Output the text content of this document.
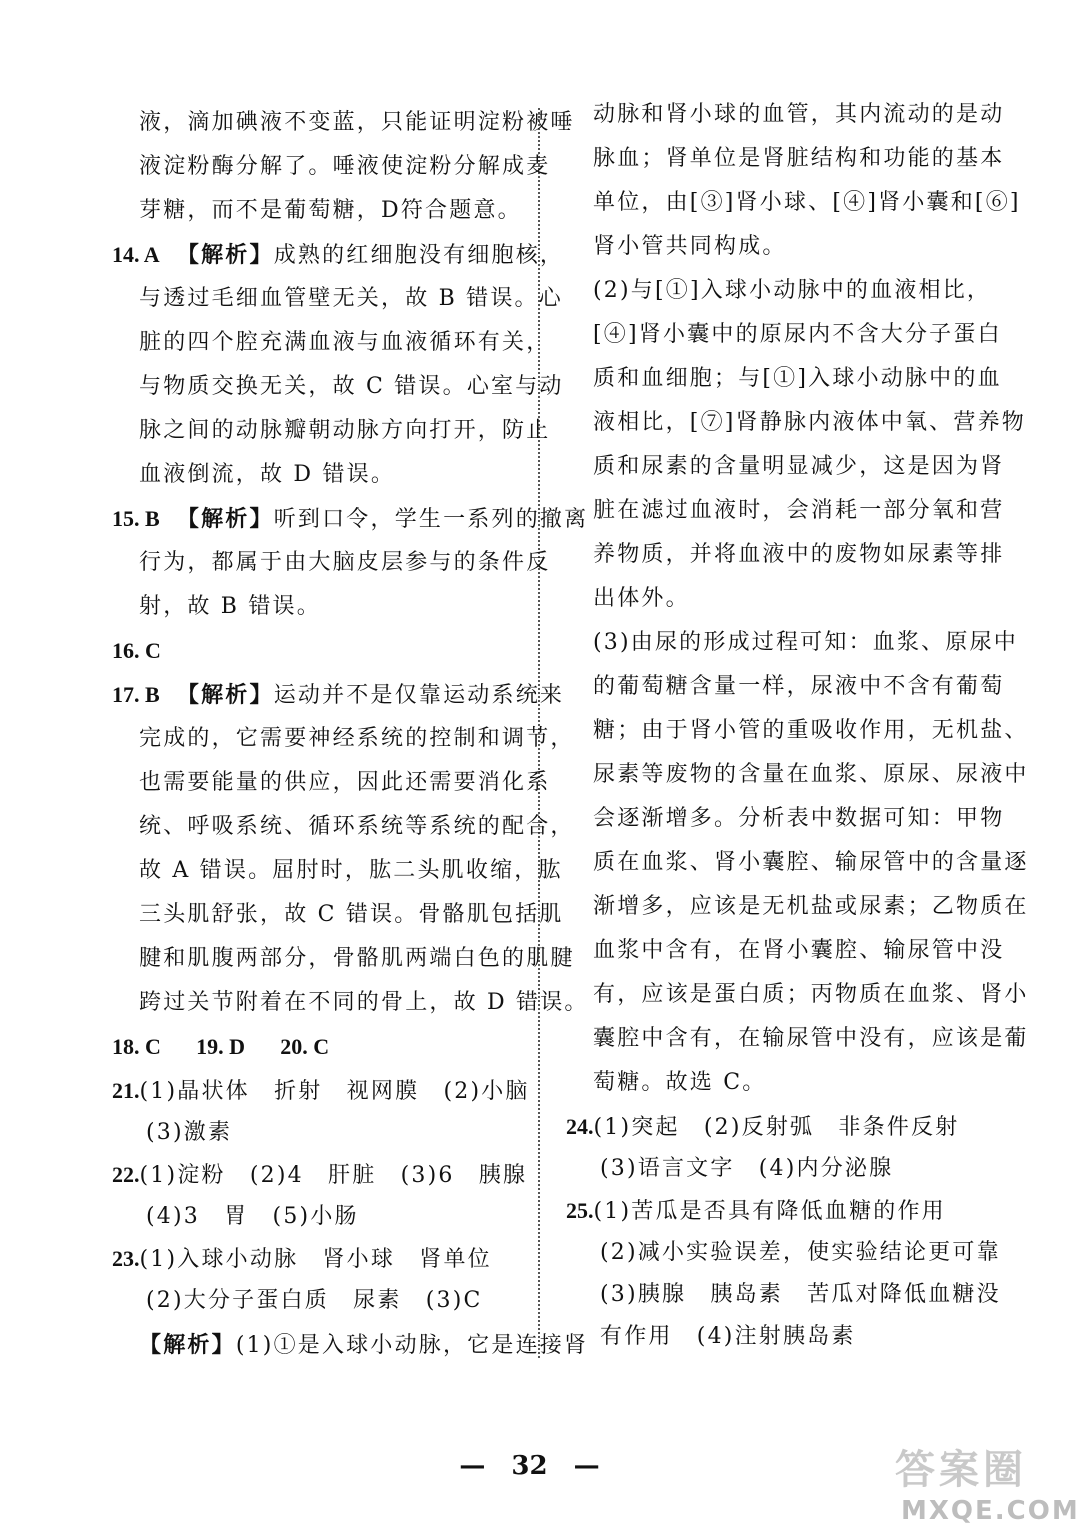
液，滴加碘液不变蓝，只能证明淀粉被唾
液淀粉酶分解了。唾液使淀粉分解成麦
芽糖，而不是葡萄糖，D符合题意。
14. A 【解析】成熟的红细胞没有细胞核，
与透过毛细血管壁无关，故 B 错误。心
脏的四个腔充满血液与血液循环有关，
与物质交换无关，故 C 错误。心室与动
脉之间的动脉瓣朝动脉方向打开，防止
血液倒流，故 D 错误。
15. B 【解析】听到口令，学生一系列的撤离
行为，都属于由大脑皮层参与的条件反
射，故 B 错误。
16. C
17. B 【解析】运动并不是仅靠运动系统来
完成的，它需要神经系统的控制和调节，
也需要能量的供应，因此还需要消化系
统、呼吸系统、循环系统等系统的配合，
故 A 错误。屈肘时，肱二头肌收缩，肱
三头肌舒张，故 C 错误。骨骼肌包括肌
腱和肌腹两部分，骨骼肌两端白色的肌腱
跨过关节附着在不同的骨上，故 D 错误。
18. C 19. D 20. C
21.(1)晶状体　折射　视网膜　(2)小脑
(3)激素
22.(1)淀粉　(2)4　肝脏　(3)6　胰腺
(4)3　胃　(5)小肠
23.(1)入球小动脉　肾小球　肾单位
(2)大分子蛋白质　尿素　(3)C
【解析】(1)①是入球小动脉，它是连接肾
动脉和肾小球的血管，其内流动的是动
脉血；肾单位是肾脏结构和功能的基本
单位，由[③]肾小球、[④]肾小囊和[⑥]
肾小管共同构成。
(2)与[①]入球小动脉中的血液相比，
[④]肾小囊中的原尿内不含大分子蛋白
质和血细胞；与[①]入球小动脉中的血
液相比，[⑦]肾静脉内液体中氧、营养物
质和尿素的含量明显减少，这是因为肾
脏在滤过血液时，会消耗一部分氧和营
养物质，并将血液中的废物如尿素等排
出体外。
(3)由尿的形成过程可知：血浆、原尿中
的葡萄糖含量一样，尿液中不含有葡萄
糖；由于肾小管的重吸收作用，无机盐、
尿素等废物的含量在血浆、原尿、尿液中
会逐渐增多。分析表中数据可知：甲物
质在血浆、肾小囊腔、输尿管中的含量逐
渐增多，应该是无机盐或尿素；乙物质在
血浆中含有，在肾小囊腔、输尿管中没
有，应该是蛋白质；丙物质在血浆、肾小
囊腔中含有，在输尿管中没有，应该是葡
萄糖。故选 C。
24.(1)突起　(2)反射弧　非条件反射
(3)语言文字　(4)内分泌腺
25.(1)苦瓜是否具有降低血糖的作用
(2)减小实验误差，使实验结论更可靠
(3)胰腺　胰岛素　苦瓜对降低血糖没
有作用　(4)注射胰岛素
—　32　—	答案圈
MXQE.COM
